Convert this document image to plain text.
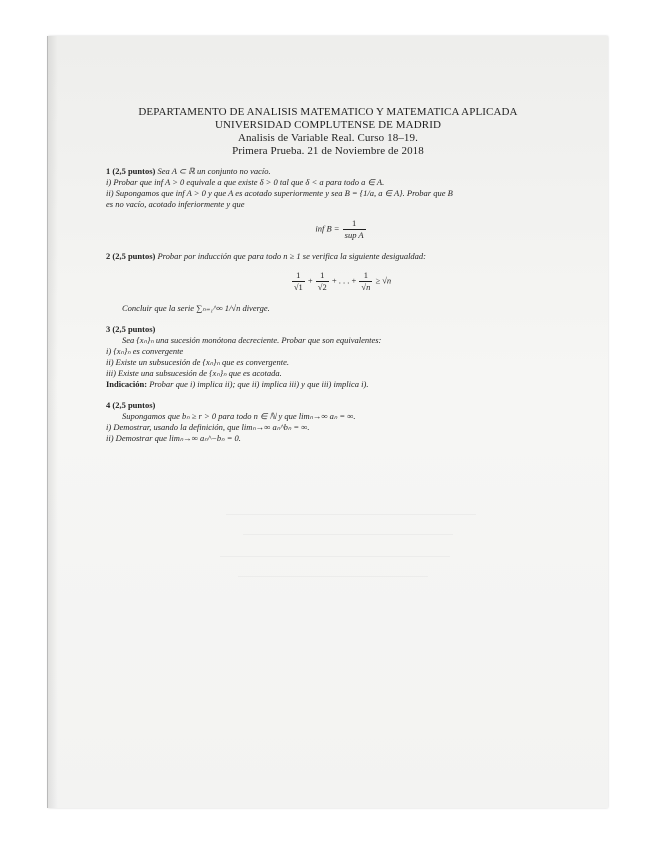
DEPARTAMENTO DE ANALISIS MATEMATICO Y MATEMATICA APLICADA
UNIVERSIDAD COMPLUTENSE DE MADRID
Analisis de Variable Real. Curso 18–19.
Primera Prueba. 21 de Noviembre de 2018

1 (2,5 puntos) Sea A ⊂ ℝ un conjunto no vacío.

i) Probar que inf A > 0 equivale a que existe δ > 0 tal que δ < a para todo a ∈ A.

ii) Supongamos que inf A > 0 y que A es acotado superiormente y sea B = {1/a, a ∈ A}. Probar que B

es no vacío, acotado inferiormente y que

inf $B = \frac{1}{\text{sup A}}$

2 (2,5 puntos) Probar por inducción que para todo n ≥ 1 se verifica la siguiente desigualdad:

$\frac{1}{√1} + \frac{1}{√2}$ + . . . + $\frac{1}{√n} \ge √n$

Concluir que la serie ∑ₙ₌₁^∞ 1/√n diverge.

3 (2,5 puntos)

Sea {xₙ}ₙ una sucesión monótona decreciente. Probar que son equivalentes:

i) {xₙ}ₙ es convergente

ii) Existe un subsucesión de {xₙ}ₙ que es convergente.

iii) Existe una subsucesión de {xₙ}ₙ que es acotada.

Indicación: Probar que i) implica ii); que ii) implica iii) y que iii) implica i).

4 (2,5 puntos)

Supongamos que bₙ ≥ r > 0 para todo n ∈ ℕ y que limₙ→∞ aₙ = ∞.

i) Demostrar, usando la definición, que limₙ→∞ aₙ^bₙ = ∞.

ii) Demostrar que limₙ→∞ aₙ^−bₙ = 0.
